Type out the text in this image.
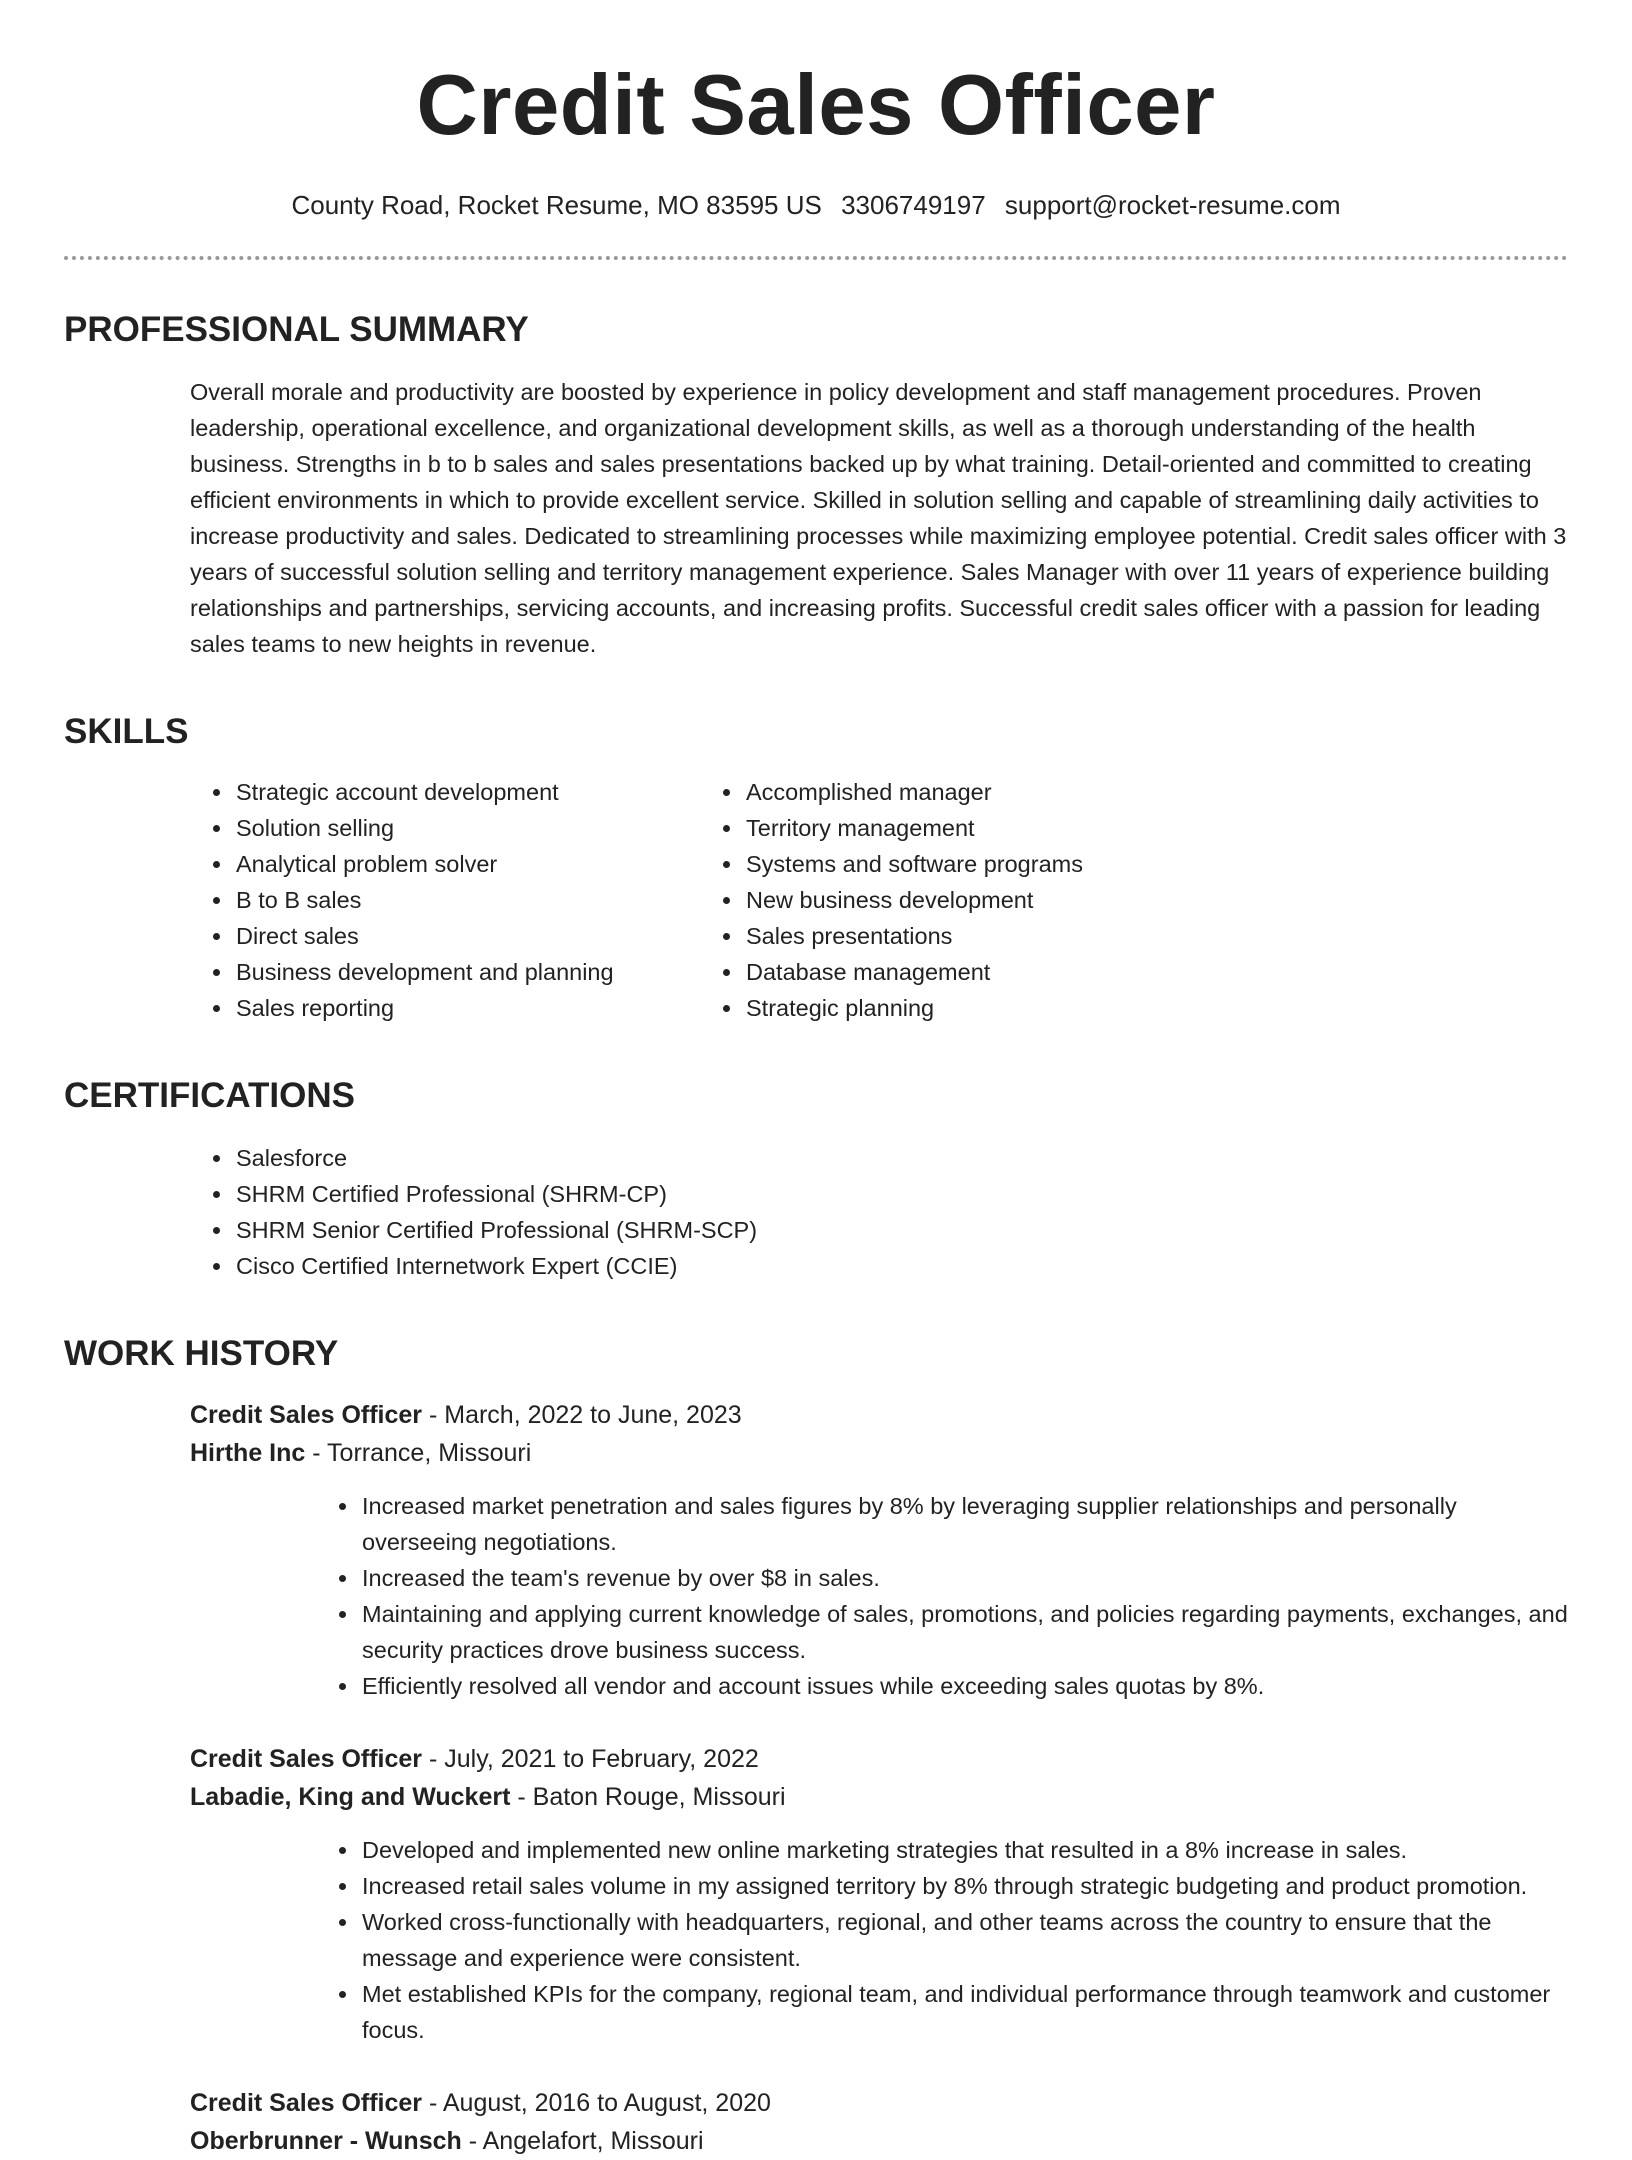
Credit Sales Officer
County Road, Rocket Resume, MO 83595 US 3306749197 support@rocket-resume.com
PROFESSIONAL SUMMARY

Overall morale and productivity are boosted by experience in policy development and staff management procedures. Proven leadership, operational excellence, and organizational development skills, as well as a thorough understanding of the health business. Strengths in b to b sales and sales presentations backed up by what training. Detail-oriented and committed to creating efficient environments in which to provide excellent service. Skilled in solution selling and capable of streamlining daily activities to increase productivity and sales. Dedicated to streamlining processes while maximizing employee potential. Credit sales officer with 3 years of successful solution selling and territory management experience. Sales Manager with over 11 years of experience building relationships and partnerships, servicing accounts, and increasing profits. Successful credit sales officer with a passion for leading sales teams to new heights in revenue.

SKILLS
• Strategic account development
• Solution selling
• Analytical problem solver
• B to B sales
• Direct sales
• Business development and planning
• Sales reporting
• Accomplished manager
• Territory management
• Systems and software programs
• New business development
• Sales presentations
• Database management
• Strategic planning
CERTIFICATIONS
• Salesforce
• SHRM Certified Professional (SHRM-CP)
• SHRM Senior Certified Professional (SHRM-SCP)
• Cisco Certified Internetwork Expert (CCIE)
WORK HISTORY
Credit Sales Officer - March, 2022 to June, 2023
Hirthe Inc - Torrance, Missouri
• Increased market penetration and sales figures by 8% by leveraging supplier relationships and personally overseeing negotiations.
• Increased the team's revenue by over $8 in sales.
• Maintaining and applying current knowledge of sales, promotions, and policies regarding payments, exchanges, and security practices drove business success.
• Efficiently resolved all vendor and account issues while exceeding sales quotas by 8%.
Credit Sales Officer - July, 2021 to February, 2022
Labadie, King and Wuckert - Baton Rouge, Missouri
• Developed and implemented new online marketing strategies that resulted in a 8% increase in sales.
• Increased retail sales volume in my assigned territory by 8% through strategic budgeting and product promotion.
• Worked cross-functionally with headquarters, regional, and other teams across the country to ensure that the message and experience were consistent.
• Met established KPIs for the company, regional team, and individual performance through teamwork and customer focus.
Credit Sales Officer - August, 2016 to August, 2020
Oberbrunner - Wunsch - Angelafort, Missouri
